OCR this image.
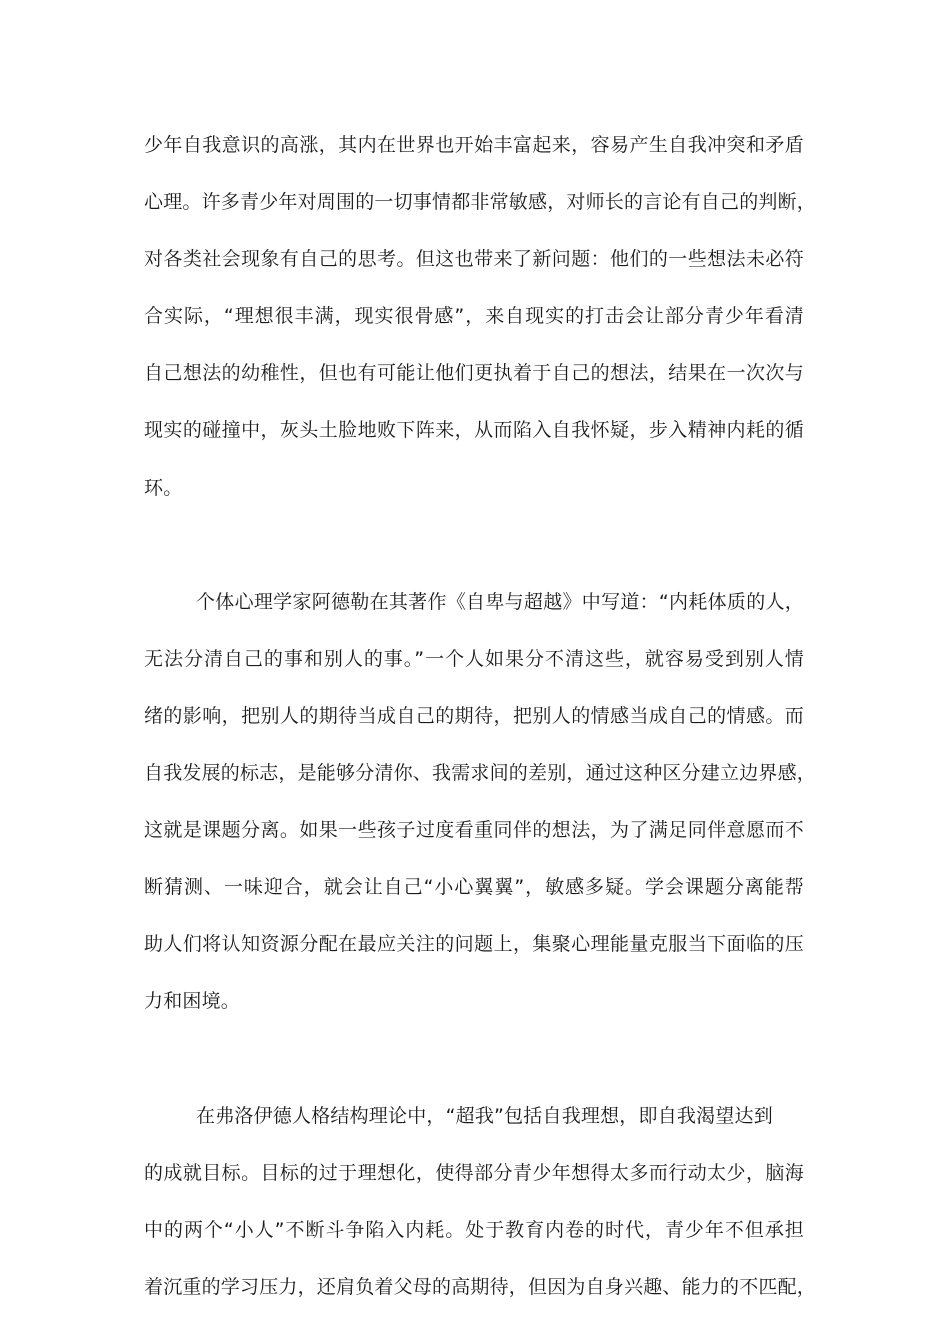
少年自我意识的高涨，其内在世界也开始丰富起来，容易产生自我冲突和矛盾
心理。许多青少年对周围的一切事情都非常敏感，对师长的言论有自己的判断，
对各类社会现象有自己的思考。但这也带来了新问题：他们的一些想法未必符
合实际，“理想很丰满，现实很骨感”，来自现实的打击会让部分青少年看清
自己想法的幼稚性，但也有可能让他们更执着于自己的想法，结果在一次次与
现实的碰撞中，灰头土脸地败下阵来，从而陷入自我怀疑，步入精神内耗的循
环。
个体心理学家阿德勒在其著作《自卑与超越》中写道：“内耗体质的人，
无法分清自己的事和别人的事。”一个人如果分不清这些，就容易受到别人情
绪的影响，把别人的期待当成自己的期待，把别人的情感当成自己的情感。而
自我发展的标志，是能够分清你、我需求间的差别，通过这种区分建立边界感，
这就是课题分离。如果一些孩子过度看重同伴的想法，为了满足同伴意愿而不
断猜测、一味迎合，就会让自己“小心翼翼”，敏感多疑。学会课题分离能帮
助人们将认知资源分配在最应关注的问题上，集聚心理能量克服当下面临的压
力和困境。
在弗洛伊德人格结构理论中，“超我”包括自我理想，即自我渴望达到
的成就目标。目标的过于理想化，使得部分青少年想得太多而行动太少，脑海
中的两个“小人”不断斗争陷入内耗。处于教育内卷的时代，青少年不但承担
着沉重的学习压力，还肩负着父母的高期待，但因为自身兴趣、能力的不匹配，
